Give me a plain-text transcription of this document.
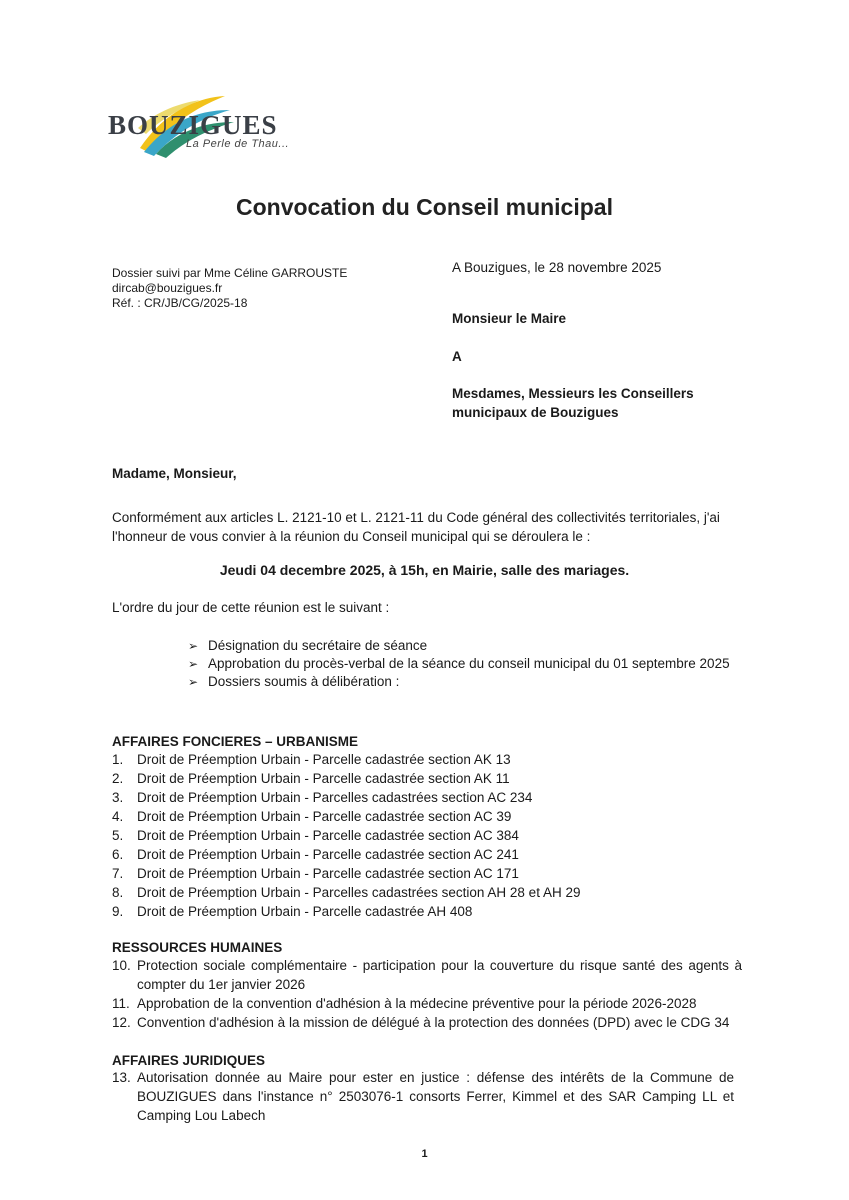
BOUZIGUES
La Perle de Thau...
Convocation du Conseil municipal
Dossier suivi par Mme Céline GARROUSTE
dircab@bouzigues.fr
Réf. : CR/JB/CG/2025-18
A Bouzigues, le 28 novembre 2025
Monsieur le Maire
A
Mesdames, Messieurs les Conseillers
municipaux de Bouzigues
Madame, Monsieur,
Conformément aux articles L. 2121-10 et L. 2121-11 du Code général des collectivités territoriales, j'ai
l'honneur de vous convier à la réunion du Conseil municipal qui se déroulera le :
Jeudi 04 decembre 2025, à 15h, en Mairie, salle des mariages.
L'ordre du jour de cette réunion est le suivant :
➢ Désignation du secrétaire de séance
➢ Approbation du procès-verbal de la séance du conseil municipal du 01 septembre 2025
➢ Dossiers soumis à délibération :
AFFAIRES FONCIERES – URBANISME
1. Droit de Préemption Urbain - Parcelle cadastrée section AK 13
2. Droit de Préemption Urbain - Parcelle cadastrée section AK 11
3. Droit de Préemption Urbain - Parcelles cadastrées section AC 234
4. Droit de Préemption Urbain - Parcelle cadastrée section AC 39
5. Droit de Préemption Urbain - Parcelle cadastrée section AC 384
6. Droit de Préemption Urbain - Parcelle cadastrée section AC 241
7. Droit de Préemption Urbain - Parcelle cadastrée section AC 171
8. Droit de Préemption Urbain - Parcelles cadastrées section AH 28 et AH 29
9. Droit de Préemption Urbain - Parcelle cadastrée AH 408
RESSOURCES HUMAINES
10. Protection sociale complémentaire - participation pour la couverture du risque santé des agents à compter du 1er janvier 2026
11. Approbation de la convention d'adhésion à la médecine préventive pour la période 2026-2028
12. Convention d'adhésion à la mission de délégué à la protection des données (DPD) avec le CDG 34
AFFAIRES JURIDIQUES
13. Autorisation donnée au Maire pour ester en justice : défense des intérêts de la Commune de BOUZIGUES dans l'instance n° 2503076-1 consorts Ferrer, Kimmel et des SAR Camping LL et Camping Lou Labech
1
